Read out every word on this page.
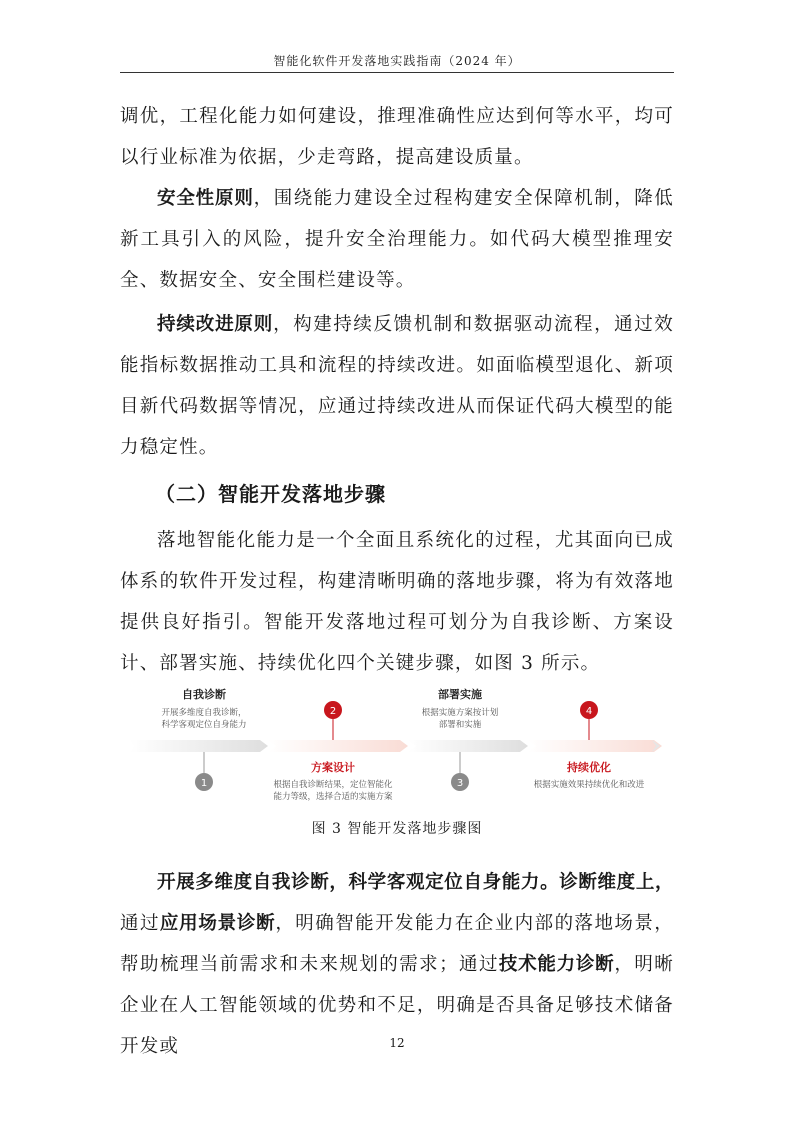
智能化软件开发落地实践指南（2024 年）

调优，工程化能力如何建设，推理准确性应达到何等水平，均可以行业标准为依据，少走弯路，提高建设质量。

安全性原则，围绕能力建设全过程构建安全保障机制，降低新工具引入的风险，提升安全治理能力。如代码大模型推理安全、数据安全、安全围栏建设等。

持续改进原则，构建持续反馈机制和数据驱动流程，通过效能指标数据推动工具和流程的持续改进。如面临模型退化、新项目新代码数据等情况，应通过持续改进从而保证代码大模型的能力稳定性。

（二）智能开发落地步骤

落地智能化能力是一个全面且系统化的过程，尤其面向已成体系的软件开发过程，构建清晰明确的落地步骤，将为有效落地提供良好指引。智能开发落地过程可划分为自我诊断、方案设计、部署实施、持续优化四个关键步骤，如图 3 所示。

自我诊断
开展多维度自我诊断，
科学客观定位自身能力
1
2
方案设计
根据自我诊断结果，定位智能化
能力等级，选择合适的实施方案
部署实施
根据实施方案按计划
部署和实施
3
4
持续优化
根据实施效果持续优化和改进

图 3 智能开发落地步骤图

开展多维度自我诊断，科学客观定位自身能力。诊断维度上，通过应用场景诊断，明确智能开发能力在企业内部的落地场景，帮助梳理当前需求和未来规划的需求；通过技术能力诊断，明晰企业在人工智能领域的优势和不足，明确是否具备足够技术储备开发或	12
